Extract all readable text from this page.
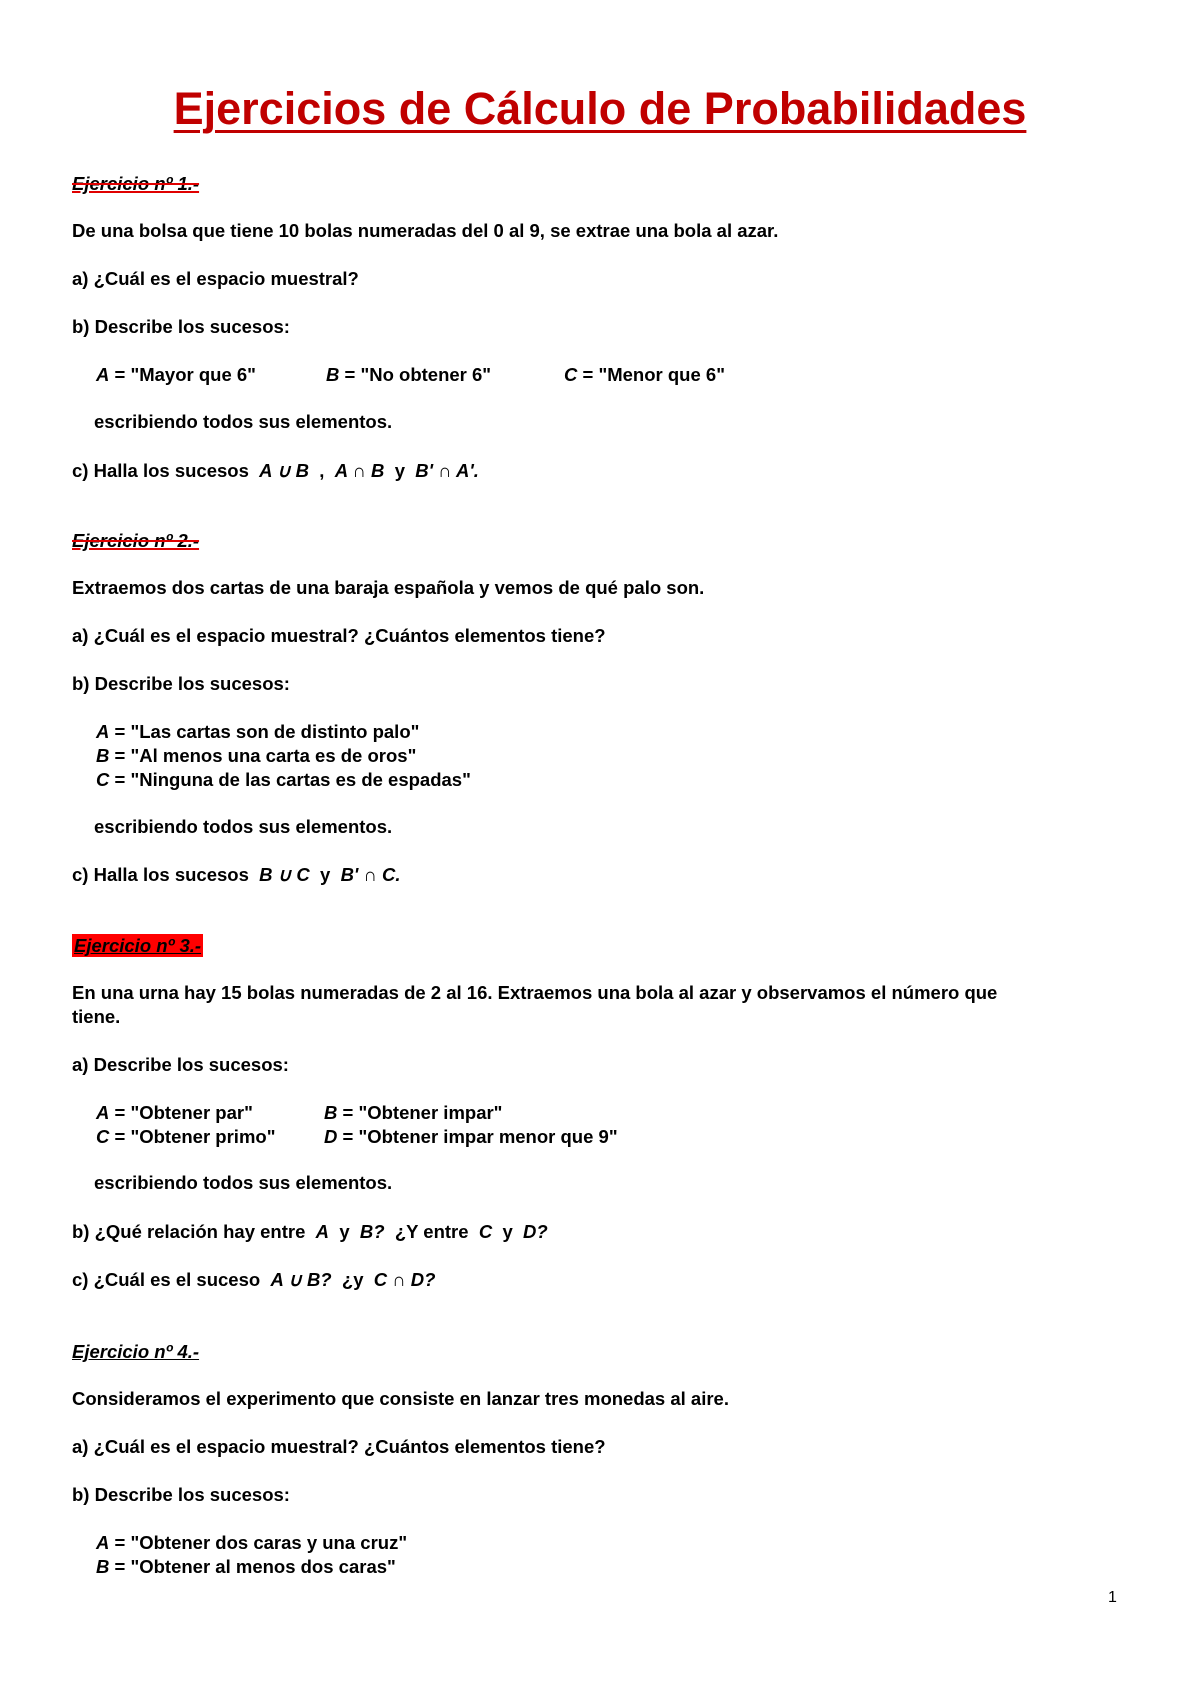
Ejercicios de Cálculo de Probabilidades
Ejercicio nº 1.-
De una bolsa que tiene 10 bolas numeradas del 0 al 9, se extrae una bola al azar.
a) ¿Cuál es el espacio muestral?
b) Describe los sucesos:
A = "Mayor que 6"	B = "No obtener 6"	C = "Menor que 6"
escribiendo todos sus elementos.
c) Halla los sucesos A ∪ B , A ∩ B y B' ∩ A'.
Ejercicio nº 2.-
Extraemos dos cartas de una baraja española y vemos de qué palo son.
a) ¿Cuál es el espacio muestral? ¿Cuántos elementos tiene?
b) Describe los sucesos:
A = "Las cartas son de distinto palo"
B = "Al menos una carta es de oros"
C = "Ninguna de las cartas es de espadas"
escribiendo todos sus elementos.
c) Halla los sucesos B ∪ C y B' ∩ C.
Ejercicio nº 3.-
En una urna hay 15 bolas numeradas de 2 al 16. Extraemos una bola al azar y observamos el número que
tiene.
a) Describe los sucesos:
A = "Obtener par"	B = "Obtener impar"
C = "Obtener primo"	D = "Obtener impar menor que 9"
escribiendo todos sus elementos.
b) ¿Qué relación hay entre A y B? ¿Y entre C y D?
c) ¿Cuál es el suceso A ∪ B? ¿y C ∩ D?
Ejercicio nº 4.-
Consideramos el experimento que consiste en lanzar tres monedas al aire.
a) ¿Cuál es el espacio muestral? ¿Cuántos elementos tiene?
b) Describe los sucesos:
A = "Obtener dos caras y una cruz"
B = "Obtener al menos dos caras"
1
